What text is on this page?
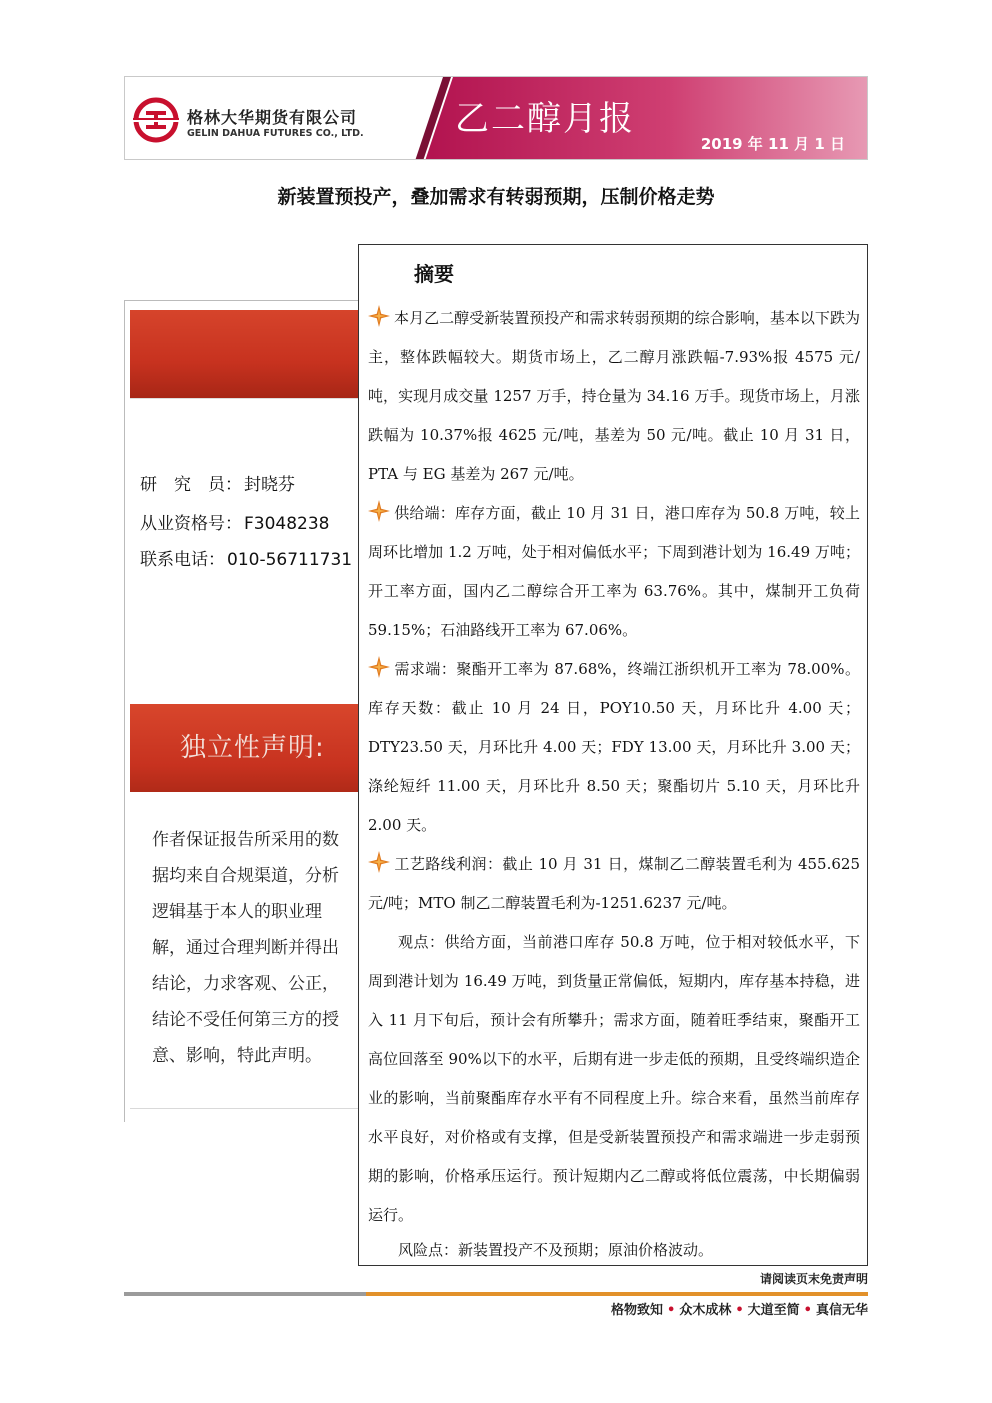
格林大华期货有限公司
GELIN DAHUA FUTURES CO., LTD.	乙二醇月报
2019 年 11 月 1 日
新装置预投产，叠加需求有转弱预期，压制价格走势
研　究　员： 封晓芬
从业资格号： F3048238
联系电话： 010-56711731
独立性声明:
作者保证报告所采用的数据均来自合规渠道，分析逻辑基于本人的职业理解，通过合理判断并得出结论，力求客观、公正，结论不受任何第三方的授意、影响，特此声明。
摘要
本月乙二醇受新装置预投产和需求转弱预期的综合影响，基本以下跌为主，整体跌幅较大。期货市场上，乙二醇月涨跌幅-7.93%报 4575 元/吨，实现月成交量 1257 万手，持仓量为 34.16 万手。现货市场上，月涨跌幅为 10.37%报 4625 元/吨，基差为 50 元/吨。截止 10 月 31 日，PTA 与 EG 基差为 267 元/吨。
供给端：库存方面，截止 10 月 31 日，港口库存为 50.8 万吨，较上周环比增加 1.2 万吨，处于相对偏低水平；下周到港计划为 16.49 万吨；开工率方面，国内乙二醇综合开工率为 63.76%。其中，煤制开工负荷 59.15%；石油路线开工率为 67.06%。
需求端：聚酯开工率为 87.68%，终端江浙织机开工率为 78.00%。库存天数：截止 10 月 24 日，POY10.50 天，月环比升 4.00 天；DTY23.50 天，月环比升 4.00 天；FDY 13.00 天，月环比升 3.00 天；涤纶短纤 11.00 天，月环比升 8.50 天；聚酯切片 5.10 天，月环比升 2.00 天。
工艺路线利润：截止 10 月 31 日，煤制乙二醇装置毛利为 455.625 元/吨；MTO 制乙二醇装置毛利为-1251.6237 元/吨。
观点：供给方面，当前港口库存 50.8 万吨，位于相对较低水平，下周到港计划为 16.49 万吨，到货量正常偏低，短期内，库存基本持稳，进入 11 月下旬后，预计会有所攀升；需求方面，随着旺季结束，聚酯开工高位回落至 90%以下的水平，后期有进一步走低的预期，且受终端织造企业的影响，当前聚酯库存水平有不同程度上升。综合来看，虽然当前库存水平良好，对价格或有支撑，但是受新装置预投产和需求端进一步走弱预期的影响，价格承压运行。预计短期内乙二醇或将低位震荡，中长期偏弱运行。
风险点：新装置投产不及预期；原油价格波动。
请阅读页末免责声明
格物致知 • 众木成林 • 大道至简 • 真信无华
